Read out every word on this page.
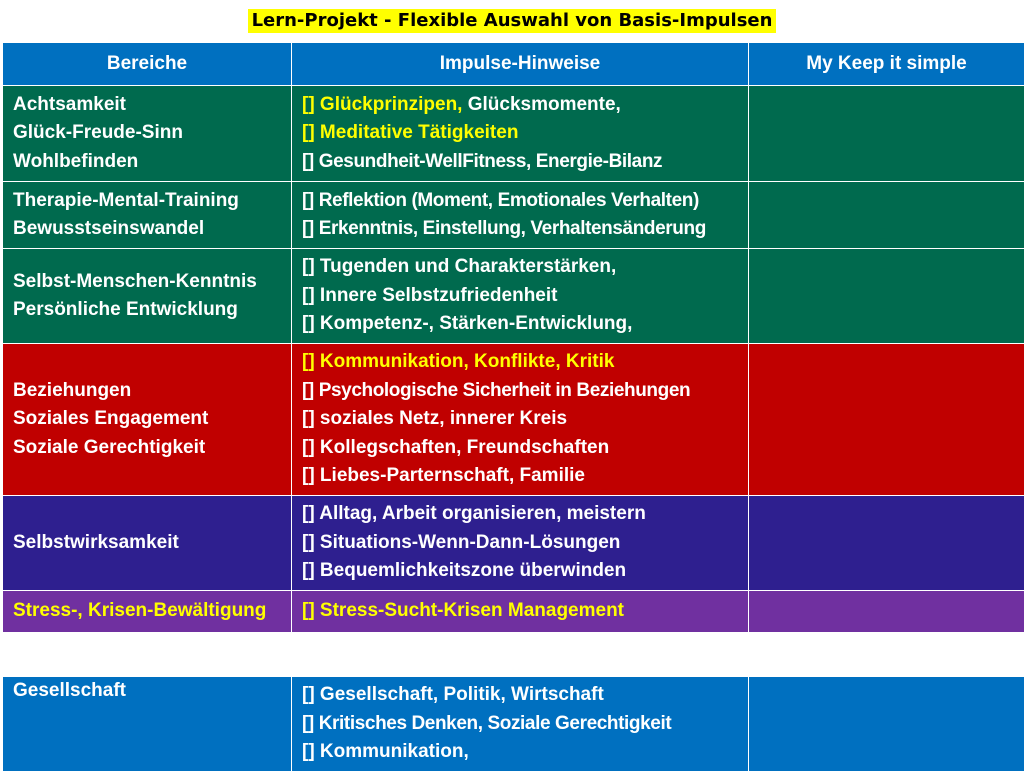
Lern-Projekt - Flexible Auswahl von Basis-Impulsen
Bereiche	Impulse-Hinweise	My Keep it simple

Achtsamkeit
Glück-Freude-Sinn
Wohlbefinden	[] Glückprinzipen, Glücksmomente,
[] Meditative Tätigkeiten
[] Gesundheit-WellFitness, Energie-Bilanz	

Therapie-Mental-Training
Bewusstseinswandel	[] Reflektion (Moment, Emotionales Verhalten)
[] Erkenntnis, Einstellung, Verhaltensänderung	

Selbst-Menschen-Kenntnis
Persönliche Entwicklung	[] Tugenden und Charakterstärken,
[] Innere Selbstzufriedenheit
[] Kompetenz-, Stärken-Entwicklung,	

Beziehungen
Soziales Engagement
Soziale Gerechtigkeit	[] Kommunikation, Konflikte, Kritik
[] Psychologische Sicherheit in Beziehungen
[] soziales Netz, innerer Kreis
[] Kollegschaften, Freundschaften
[] Liebes-Parternschaft, Familie	

Selbstwirksamkeit	[] Alltag, Arbeit organisieren, meistern
[] Situations-Wenn-Dann-Lösungen
[] Bequemlichkeitszone überwinden	

Stress-, Krisen-Bewältigung	[] Stress-Sucht-Krisen Management	

Gesellschaft	[] Gesellschaft, Politik, Wirtschaft
[] Kritisches Denken, Soziale Gerechtigkeit
[] Kommunikation,
